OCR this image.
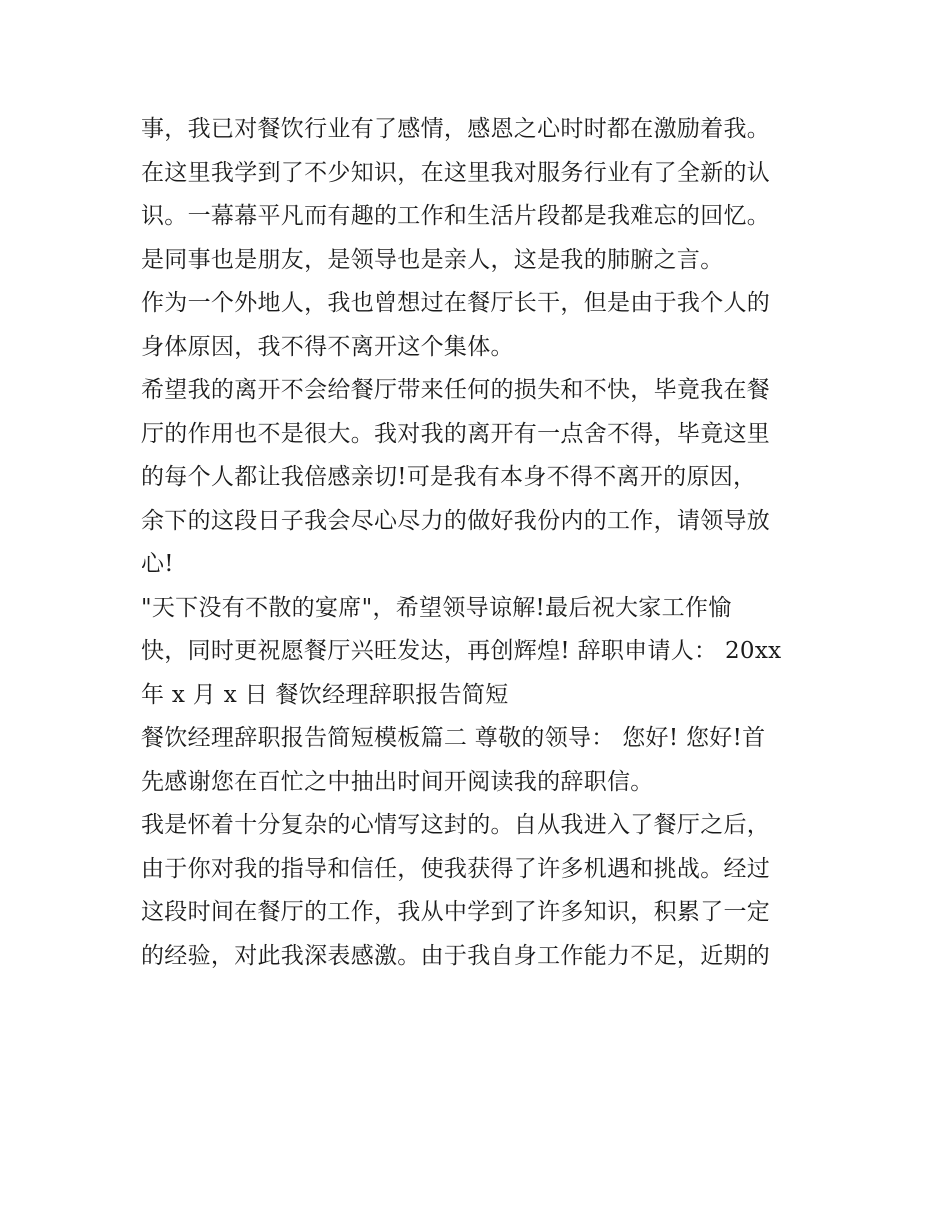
事，我已对餐饮行业有了感情，感恩之心时时都在激励着我。
在这里我学到了不少知识，在这里我对服务行业有了全新的认
识。一幕幕平凡而有趣的工作和生活片段都是我难忘的回忆。
是同事也是朋友，是领导也是亲人，这是我的肺腑之言。
作为一个外地人，我也曾想过在餐厅长干，但是由于我个人的
身体原因，我不得不离开这个集体。
希望我的离开不会给餐厅带来任何的损失和不快，毕竟我在餐
厅的作用也不是很大。我对我的离开有一点舍不得，毕竟这里
的每个人都让我倍感亲切!可是我有本身不得不离开的原因，
余下的这段日子我会尽心尽力的做好我份内的工作，请领导放
心!
"天下没有不散的宴席"，希望领导谅解!最后祝大家工作愉
快，同时更祝愿餐厅兴旺发达，再创辉煌! 辞职申请人： 20xx
年 x 月 x 日 餐饮经理辞职报告简短
餐饮经理辞职报告简短模板篇二 尊敬的领导： 您好! 您好!首
先感谢您在百忙之中抽出时间开阅读我的辞职信。
我是怀着十分复杂的心情写这封的。自从我进入了餐厅之后，
由于你对我的指导和信任，使我获得了许多机遇和挑战。经过
这段时间在餐厅的工作，我从中学到了许多知识，积累了一定
的经验，对此我深表感激。由于我自身工作能力不足，近期的
